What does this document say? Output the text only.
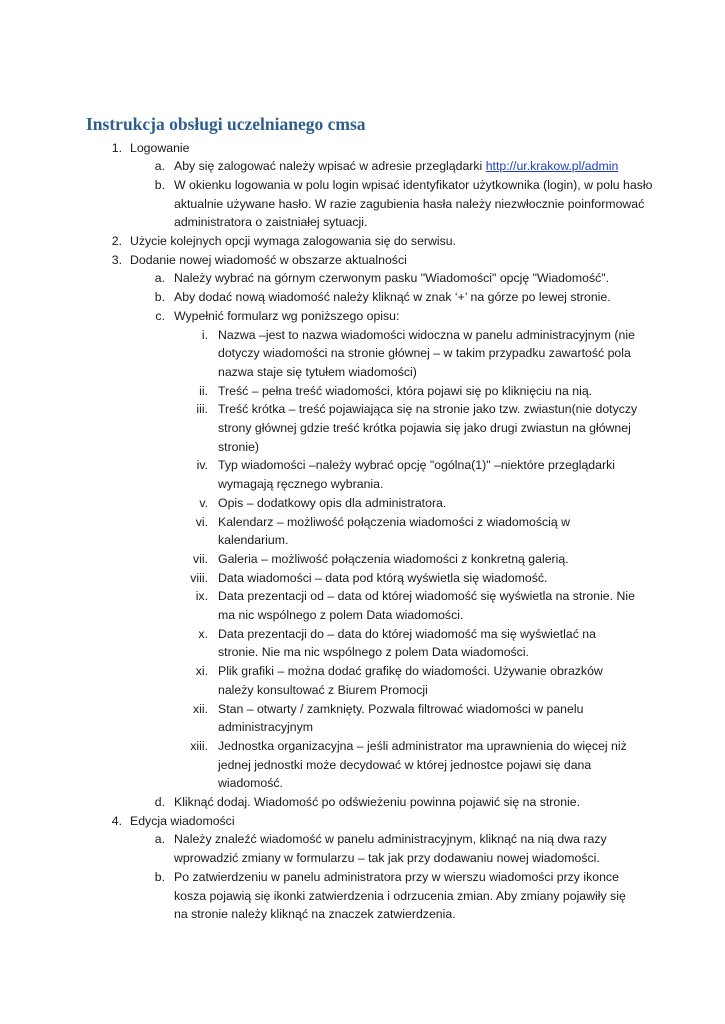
Instrukcja obsługi uczelnianego cmsa
1. Logowanie
a. Aby się zalogować należy wpisać w adresie przeglądarki http://ur.krakow.pl/admin
b. W okienku logowania w polu login wpisać identyfikator użytkownika (login), w polu hasło
aktualnie używane hasło. W razie zagubienia hasła należy niezwłocznie poinformować
administratora o zaistniałej sytuacji.
2. Użycie kolejnych opcji wymaga zalogowania się do serwisu.
3. Dodanie nowej wiadomość w obszarze aktualności
a. Należy wybrać na górnym czerwonym pasku "Wiadomości" opcję "Wiadomość".
b. Aby dodać nową wiadomość należy kliknąć w znak ‘+’ na górze po lewej stronie.
c. Wypełnić formularz wg poniższego opisu:
i. Nazwa –jest to nazwa wiadomości widoczna w panelu administracyjnym (nie
dotyczy wiadomości na stronie głównej – w takim przypadku zawartość pola
nazwa staje się tytułem wiadomości)
ii. Treść – pełna treść wiadomości, która pojawi się po kliknięciu na nią.
iii. Treść krótka – treść pojawiająca się na stronie jako tzw. zwiastun(nie dotyczy
strony głównej gdzie treść krótka pojawia się jako drugi zwiastun na głównej
stronie)
iv. Typ wiadomości –należy wybrać opcję "ogólna(1)" –niektóre przeglądarki
wymagają ręcznego wybrania.
v. Opis – dodatkowy opis dla administratora.
vi. Kalendarz – możliwość połączenia wiadomości z wiadomością w
kalendarium.
vii. Galeria – możliwość połączenia wiadomości z konkretną galerią.
viii. Data wiadomości – data pod którą wyświetla się wiadomość.
ix. Data prezentacji od – data od której wiadomość się wyświetla na stronie. Nie
ma nic wspólnego z polem Data wiadomości.
x. Data prezentacji do – data do której wiadomość ma się wyświetlać na
stronie. Nie ma nic wspólnego z polem Data wiadomości.
xi. Plik grafiki – można dodać grafikę do wiadomości. Używanie obrazków
należy konsultować z Biurem Promocji
xii. Stan – otwarty / zamknięty. Pozwala filtrować wiadomości w panelu
administracyjnym
xiii. Jednostka organizacyjna – jeśli administrator ma uprawnienia do więcej niż
jednej jednostki może decydować w której jednostce pojawi się dana
wiadomość.
d. Kliknąć dodaj. Wiadomość po odświeżeniu powinna pojawić się na stronie.
4. Edycja wiadomości
a. Należy znaleźć wiadomość w panelu administracyjnym, kliknąć na nią dwa razy
wprowadzić zmiany w formularzu – tak jak przy dodawaniu nowej wiadomości.
b. Po zatwierdzeniu w panelu administratora przy w wierszu wiadomości przy ikonce
kosza pojawią się ikonki zatwierdzenia i odrzucenia zmian. Aby zmiany pojawiły się
na stronie należy kliknąć na znaczek zatwierdzenia.
